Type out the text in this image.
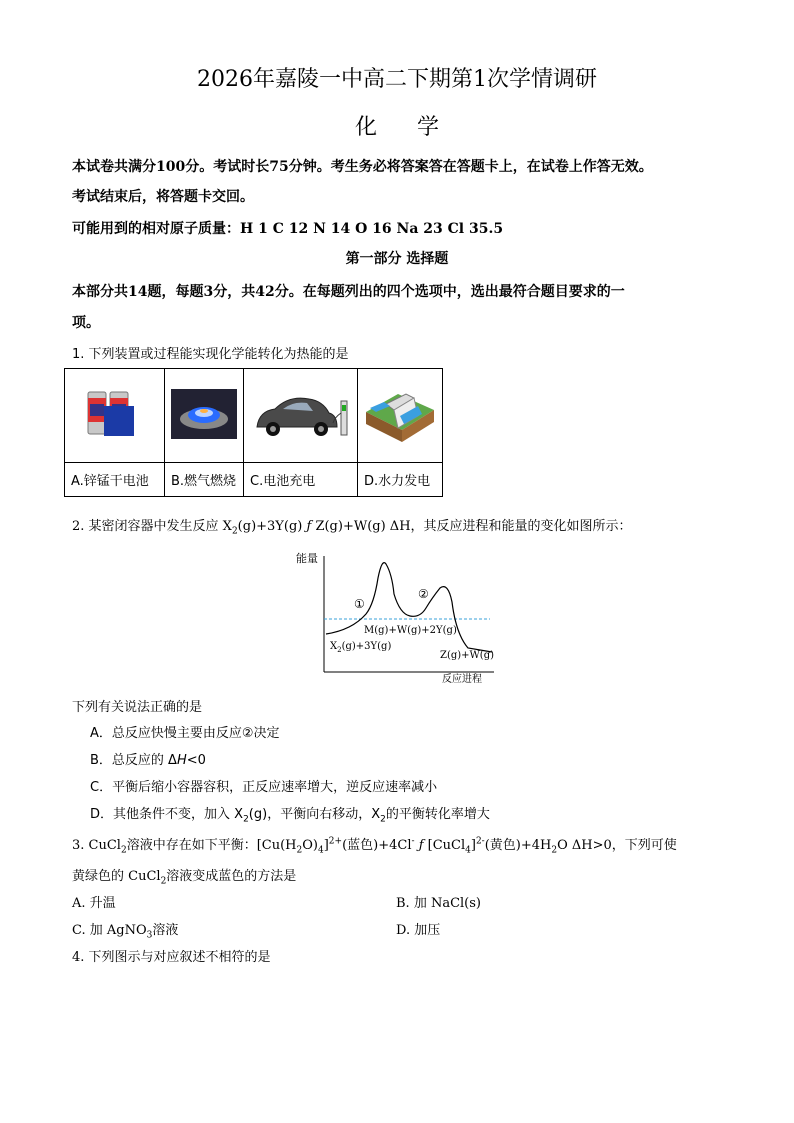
2026年嘉陵一中高二下期第1次学情调研
化学
本试卷共满分100分。考试时长75分钟。考生务必将答案答在答题卡上，在试卷上作答无效。
考试结束后，将答题卡交回。
可能用到的相对原子质量：H 1 C 12 N 14 O 16 Na 23 Cl 35.5
第一部分 选择题
本部分共14题，每题3分，共42分。在每题列出的四个选项中，选出最符合题目要求的一
项。
1. 下列装置或过程能实现化学能转化为热能的是

A.锌锰干电池	B.燃气燃烧	C.电池充电	D.水力发电
2. 某密闭容器中发生反应 $X_2(g)+3Y(g)$ ƒ Z(g)+W(g) ΔH，其反应进程和能量的变化如图所示：
能量
①
②
M(g)+W(g)+2Y(g)
$X_2(g)+3Y(g)$
Z(g)+W(g)
反应进程
下列有关说法正确的是
A．总反应快慢主要由反应②决定
B．总反应的 ΔH<0
C．平衡后缩小容器容积，正反应速率增大，逆反应速率减小
D．其他条件不变，加入 $X_2(g)$，平衡向右移动，$X_2$的平衡转化率增大
3. CuCl$_2$溶液中存在如下平衡：$[Cu(H_2O)_4]^{2+}$(蓝色)+4Cl- ƒ [CuCl$_4$]$^{2-}$(黄色)$+4H_2O$ ΔH>0，下列可使
黄绿色的 CuCl$_2$溶液变成蓝色的方法是
A. 升温	B. 加 NaCl(s)
C. 加 AgNO$_3$溶液	D. 加压
4. 下列图示与对应叙述不相符的是
